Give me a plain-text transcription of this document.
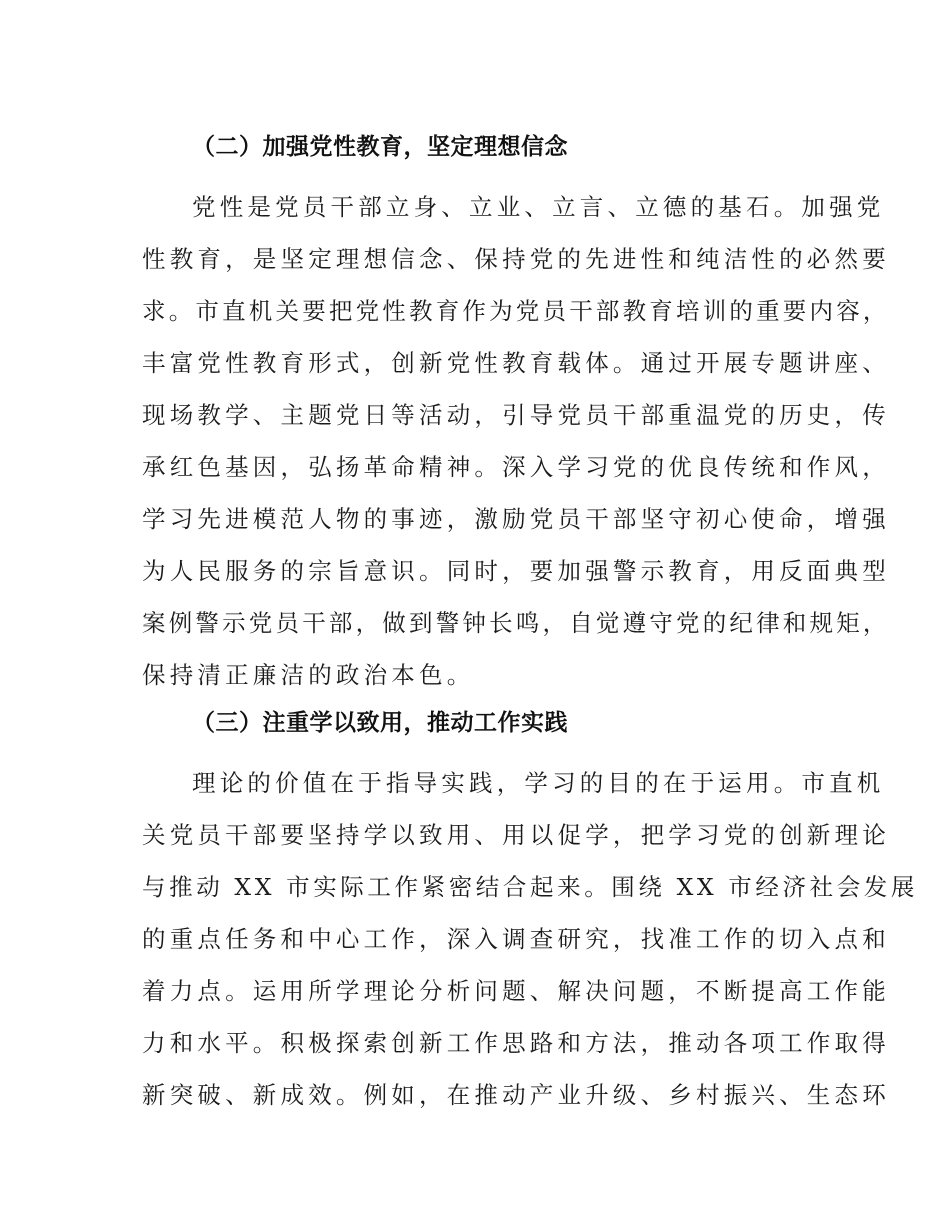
（二）加强党性教育，坚定理想信念
党性是党员干部立身、立业、立言、立德的基石。加强党
性教育，是坚定理想信念、保持党的先进性和纯洁性的必然要
求。市直机关要把党性教育作为党员干部教育培训的重要内容，
丰富党性教育形式，创新党性教育载体。通过开展专题讲座、
现场教学、主题党日等活动，引导党员干部重温党的历史，传
承红色基因，弘扬革命精神。深入学习党的优良传统和作风，
学习先进模范人物的事迹，激励党员干部坚守初心使命，增强
为人民服务的宗旨意识。同时，要加强警示教育，用反面典型
案例警示党员干部，做到警钟长鸣，自觉遵守党的纪律和规矩，
保持清正廉洁的政治本色。
（三）注重学以致用，推动工作实践
理论的价值在于指导实践，学习的目的在于运用。市直机
关党员干部要坚持学以致用、用以促学，把学习党的创新理论
与推动 XX 市实际工作紧密结合起来。围绕 XX 市经济社会发展
的重点任务和中心工作，深入调查研究，找准工作的切入点和
着力点。运用所学理论分析问题、解决问题，不断提高工作能
力和水平。积极探索创新工作思路和方法，推动各项工作取得
新突破、新成效。例如，在推动产业升级、乡村振兴、生态环
